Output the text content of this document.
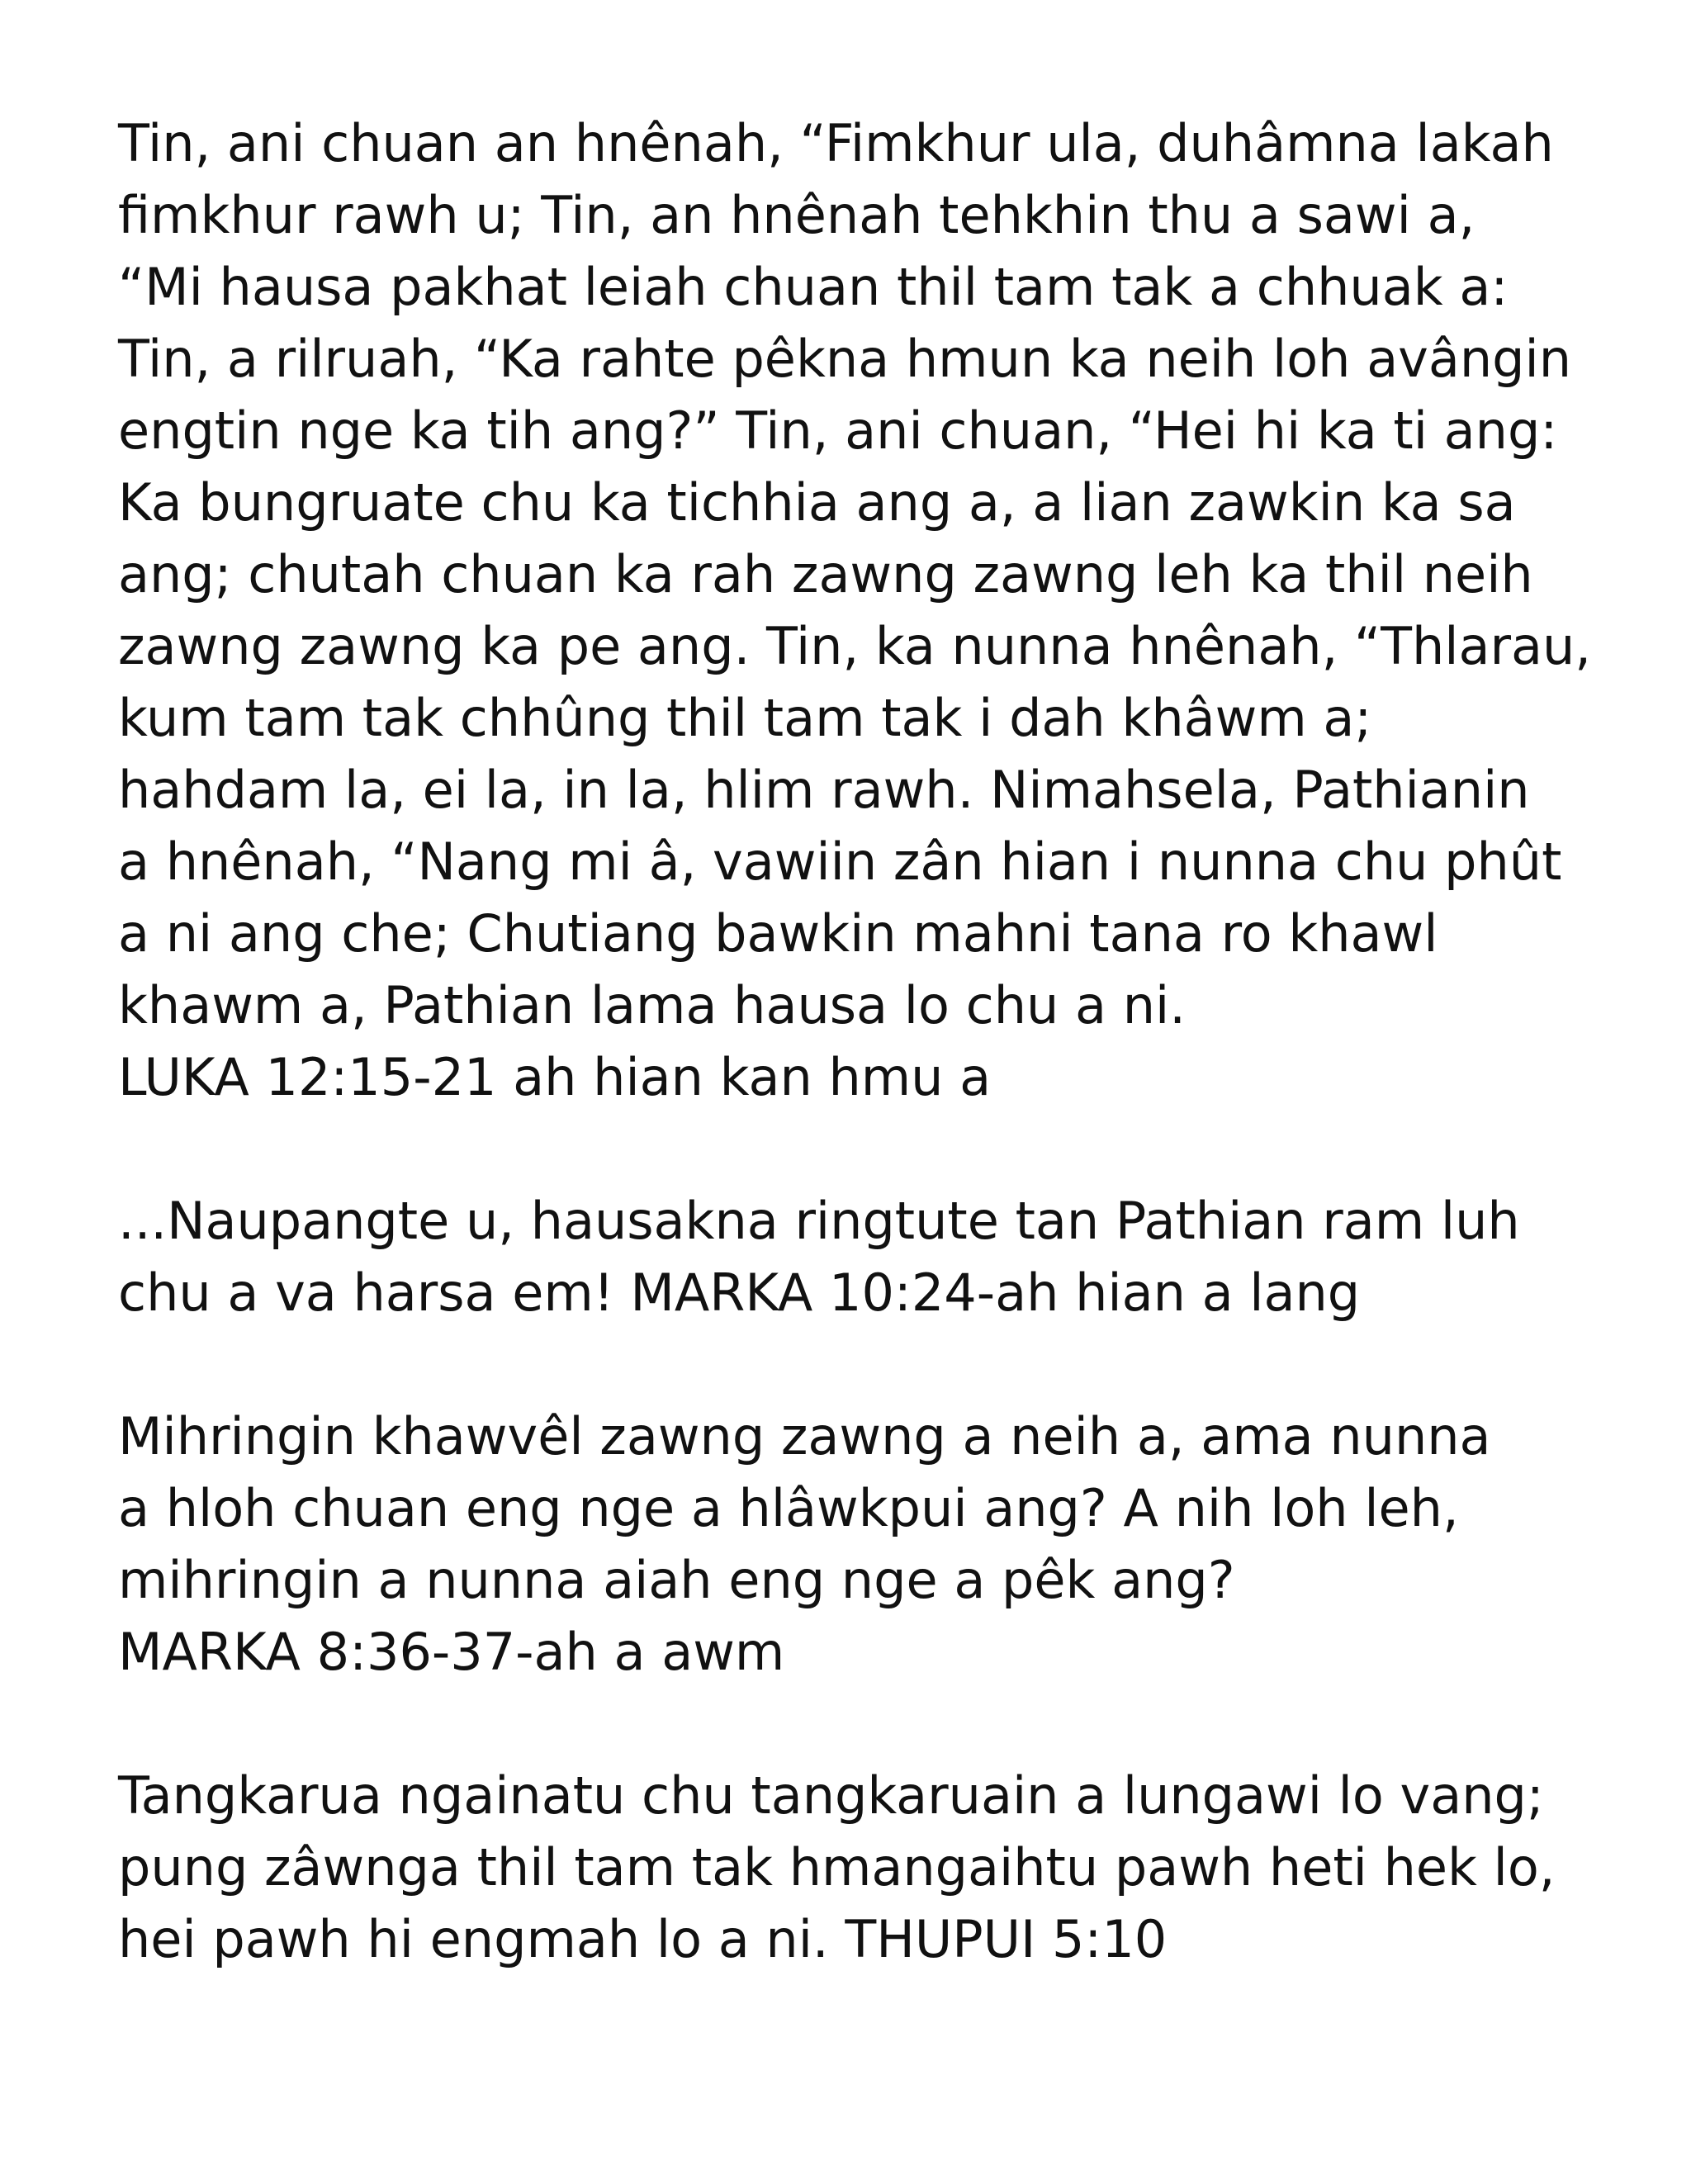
Tin, ani chuan an hnênah, “Fimkhur ula, duhâmna lakah
fimkhur rawh u; Tin, an hnênah tehkhin thu a sawi a,
“Mi hausa pakhat leiah chuan thil tam tak a chhuak a:
Tin, a rilruah, “Ka rahte pêkna hmun ka neih loh avângin
engtin nge ka tih ang?” Tin, ani chuan, “Hei hi ka ti ang:
Ka bungruate chu ka tichhia ang a, a lian zawkin ka sa
ang; chutah chuan ka rah zawng zawng leh ka thil neih
zawng zawng ka pe ang. Tin, ka nunna hnênah, “Thlarau,
kum tam tak chhûng thil tam tak i dah khâwm a;
hahdam la, ei la, in la, hlim rawh. Nimahsela, Pathianin
a hnênah, “Nang mi â, vawiin zân hian i nunna chu phût
a ni ang che; Chutiang bawkin mahni tana ro khawl
khawm a, Pathian lama hausa lo chu a ni.
LUKA 12:15-21 ah hian kan hmu a
...Naupangte u, hausakna ringtute tan Pathian ram luh
chu a va harsa em! MARKA 10:24-ah hian a lang
Mihringin khawvêl zawng zawng a neih a, ama nunna
a hloh chuan eng nge a hlâwkpui ang? A nih loh leh,
mihringin a nunna aiah eng nge a pêk ang?
MARKA 8:36-37-ah a awm
Tangkarua ngainatu chu tangkaruain a lungawi lo vang;
pung zâwnga thil tam tak hmangaihtu pawh heti hek lo,
hei pawh hi engmah lo a ni. THUPUI 5:10
